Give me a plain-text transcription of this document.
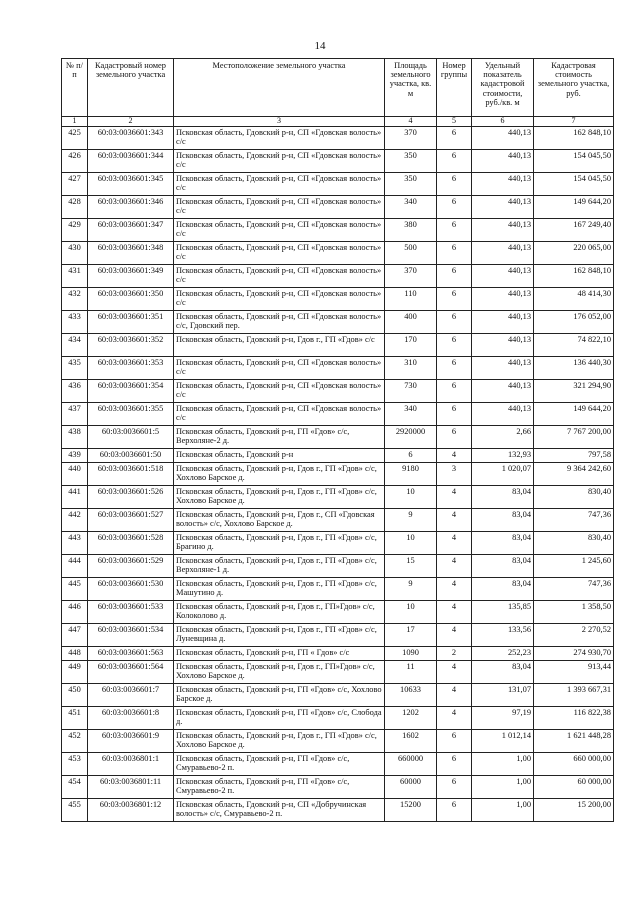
14
№ п/п	Кадастровый номер земельного участка	Местоположение земельного участка	Площадь земельного участка, кв. м	Номер группы	Удельный показатель кадастровой стоимости, руб./кв. м	Кадастровая стоимость земельного участка, руб.
1	2	3	4	5	6	7
425	60:03:0036601:343	Псковская область, Гдовский р-н, СП «Гдовская волость» с/с	370	6	440,13	162 848,10
426	60:03:0036601:344	Псковская область, Гдовский р-н, СП «Гдовская волость» с/с	350	6	440,13	154 045,50
427	60:03:0036601:345	Псковская область, Гдовский р-н, СП «Гдовская волость» с/с	350	6	440,13	154 045,50
428	60:03:0036601:346	Псковская область, Гдовский р-н, СП «Гдовская волость» с/с	340	6	440,13	149 644,20
429	60:03:0036601:347	Псковская область, Гдовский р-н, СП «Гдовская волость» с/с	380	6	440,13	167 249,40
430	60:03:0036601:348	Псковская область, Гдовский р-н, СП «Гдовская волость» с/с	500	6	440,13	220 065,00
431	60:03:0036601:349	Псковская область, Гдовский р-н, СП «Гдовская волость» с/с	370	6	440,13	162 848,10
432	60:03:0036601:350	Псковская область, Гдовский р-н, СП «Гдовская волость» с/с	110	6	440,13	48 414,30
433	60:03:0036601:351	Псковская область, Гдовский р-н, СП «Гдовская волость» с/с, Гдовский пер.	400	6	440,13	176 052,00
434	60:03:0036601:352	Псковская область, Гдовский р-н, Гдов г., ГП «Гдов» с/с	170	6	440,13	74 822,10
435	60:03:0036601:353	Псковская область, Гдовский р-н, СП «Гдовская волость» с/с	310	6	440,13	136 440,30
436	60:03:0036601:354	Псковская область, Гдовский р-н, СП «Гдовская волость» с/с	730	6	440,13	321 294,90
437	60:03:0036601:355	Псковская область, Гдовский р-н, СП «Гдовская волость» с/с	340	6	440,13	149 644,20
438	60:03:0036601:5	Псковская область, Гдовский р-н, ГП «Гдов» с/с, Верхоляне-2 д.	2920000	6	2,66	7 767 200,00
439	60:03:0036601:50	Псковская область, Гдовский р-н	6	4	132,93	797,58
440	60:03:0036601:518	Псковская область, Гдовский р-н, Гдов г., ГП «Гдов» с/с, Хохлово Барское д.	9180	3	1 020,07	9 364 242,60
441	60:03:0036601:526	Псковская область, Гдовский р-н, Гдов г., ГП «Гдов» с/с, Хохлово Барское д.	10	4	83,04	830,40
442	60:03:0036601:527	Псковская область, Гдовский р-н, Гдов г., СП «Гдовская волость» с/с, Хохлово Барское д.	9	4	83,04	747,36
443	60:03:0036601:528	Псковская область, Гдовский р-н, Гдов г., ГП «Гдов» с/с, Брагино д.	10	4	83,04	830,40
444	60:03:0036601:529	Псковская область, Гдовский р-н, Гдов г., ГП «Гдов» с/с, Верхоляне-1 д.	15	4	83,04	1 245,60
445	60:03:0036601:530	Псковская область, Гдовский р-н, Гдов г., ГП «Гдов» с/с, Машутино д.	9	4	83,04	747,36
446	60:03:0036601:533	Псковская область, Гдовский р-н, Гдов г., ГП»Гдов» с/с, Колоколово д.	10	4	135,85	1 358,50
447	60:03:0036601:534	Псковская область, Гдовский р-н, Гдов г., ГП «Гдов» с/с, Луневщина д.	17	4	133,56	2 270,52
448	60:03:0036601:563	Псковская область, Гдовский р-н, ГП « Гдов» с/с	1090	2	252,23	274 930,70
449	60:03:0036601:564	Псковская область, Гдовский р-н, Гдов г., ГП»Гдов» с/с, Хохлово Барское д.	11	4	83,04	913,44
450	60:03:0036601:7	Псковская область, Гдовский р-н, ГП «Гдов» с/с, Хохлово Барское д.	10633	4	131,07	1 393 667,31
451	60:03:0036601:8	Псковская область, Гдовский р-н, ГП «Гдов» с/с, Слобода д.	1202	4	97,19	116 822,38
452	60:03:0036601:9	Псковская область, Гдовский р-н, Гдов г., ГП «Гдов» с/с, Хохлово Барское д.	1602	6	1 012,14	1 621 448,28
453	60:03:0036801:1	Псковская область, Гдовский р-н, ГП «Гдов» с/с, Смуравьево-2 п.	660000	6	1,00	660 000,00
454	60:03:0036801:11	Псковская область, Гдовский р-н, ГП «Гдов» с/с, Смуравьево-2 п.	60000	6	1,00	60 000,00
455	60:03:0036801:12	Псковская область, Гдовский р-н, СП «Добручинская волость» с/с, Смуравьево-2 п.	15200	6	1,00	15 200,00
